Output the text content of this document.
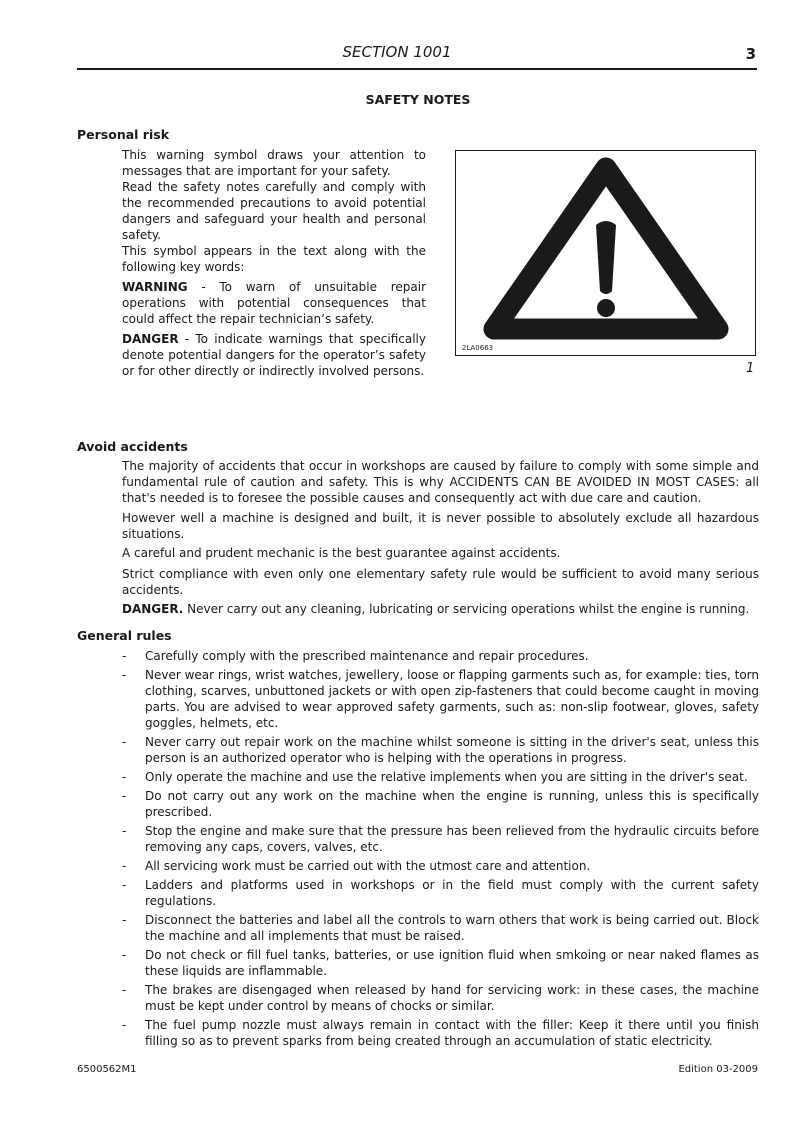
SECTION 1001	3
SAFETY NOTES
Personal risk

This warning symbol draws your attention to messages that are important for your safety.

Read the safety notes carefully and comply with the recommended precautions to avoid potential dangers and safeguard your health and personal safety.

This symbol appears in the text along with the following key words:

WARNING - To warn of unsuitable repair operations with potential consequences that could affect the repair technician’s safety.

DANGER - To indicate warnings that specifically denote potential dangers for the operator’s safety or for other directly or indirectly involved persons.

2LA0663
1
Avoid accidents

The majority of accidents that occur in workshops are caused by failure to comply with some simple and fundamental rule of caution and safety. This is why ACCIDENTS CAN BE AVOIDED IN MOST CASES: all that's needed is to foresee the possible causes and consequently act with due care and caution.

However well a machine is designed and built, it is never possible to absolutely exclude all hazardous situations.

A careful and prudent mechanic is the best guarantee against accidents.

Strict compliance with even only one elementary safety rule would be sufficient to avoid many serious accidents.

DANGER. Never carry out any cleaning, lubricating or servicing operations whilst the engine is running.

General rules
- Carefully comply with the prescribed maintenance and repair procedures.
- Never wear rings, wrist watches, jewellery, loose or flapping garments such as, for example: ties, torn clothing, scarves, unbuttoned jackets or with open zip-fasteners that could become caught in moving parts. You are advised to wear approved safety garments, such as: non-slip footwear, gloves, safety goggles, helmets, etc.
- Never carry out repair work on the machine whilst someone is sitting in the driver's seat, unless this person is an authorized operator who is helping with the operations in progress.
- Only operate the machine and use the relative implements when you are sitting in the driver's seat.
- Do not carry out any work on the machine when the engine is running, unless this is specifically prescribed.
- Stop the engine and make sure that the pressure has been relieved from the hydraulic circuits before removing any caps, covers, valves, etc.
- All servicing work must be carried out with the utmost care and attention.
- Ladders and platforms used in workshops or in the field must comply with the current safety regulations.
- Disconnect the batteries and label all the controls to warn others that work is being carried out. Block the machine and all implements that must be raised.
- Do not check or fill fuel tanks, batteries, or use ignition fluid when smkoing or near naked flames as these liquids are inflammable.
- The brakes are disengaged when released by hand for servicing work: in these cases, the machine must be kept under control by means of chocks or similar.
- The fuel pump nozzle must always remain in contact with the filler: Keep it there until you finish filling so as to prevent sparks from being created through an accumulation of static electricity.
6500562M1	Edition 03-2009
